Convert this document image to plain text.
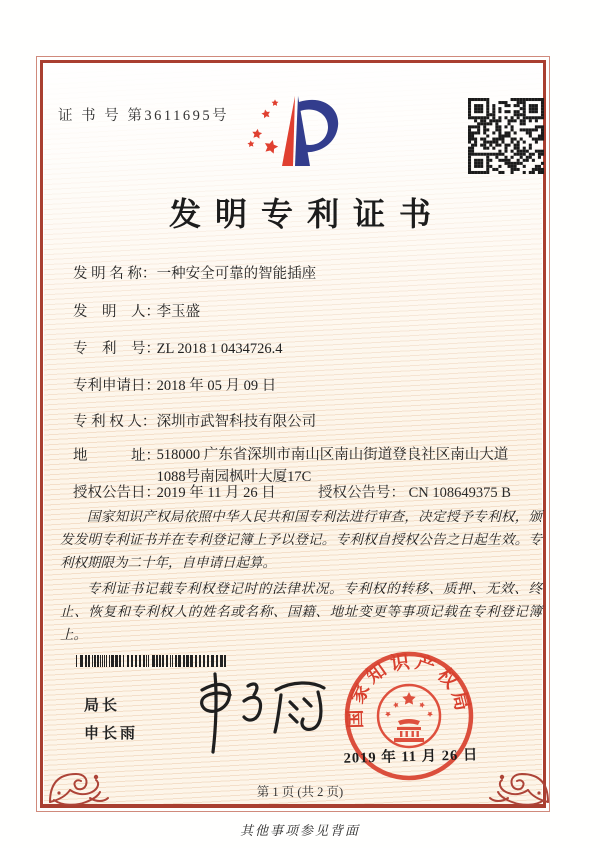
证 书 号 第3611695号
发明专利证书
发 明 名 称： 一种安全可靠的智能插座
发　明　人： 李玉盛
专　利　号： ZL 2018 1 0434726.4
专利申请日： 2018 年 05 月 09 日
专 利 权 人： 深圳市武智科技有限公司
地　　　址： 518000 广东省深圳市南山区南山街道登良社区南山大道1088号南园枫叶大厦17C
授权公告日： 2019 年 11 月 26 日	授权公告号： CN 108649375 B

国家知识产权局依照中华人民共和国专利法进行审查，决定授予专利权，颁发发明专利证书并在专利登记簿上予以登记。专利权自授权公告之日起生效。专利权期限为二十年，自申请日起算。

专利证书记载专利权登记时的法律状况。专利权的转移、质押、无效、终止、恢复和专利权人的姓名或名称、国籍、地址变更等事项记载在专利登记簿上。

局长
申长雨
国家知识产权局
2019 年 11 月 26 日
第 1 页 (共 2 页)
其他事项参见背面
